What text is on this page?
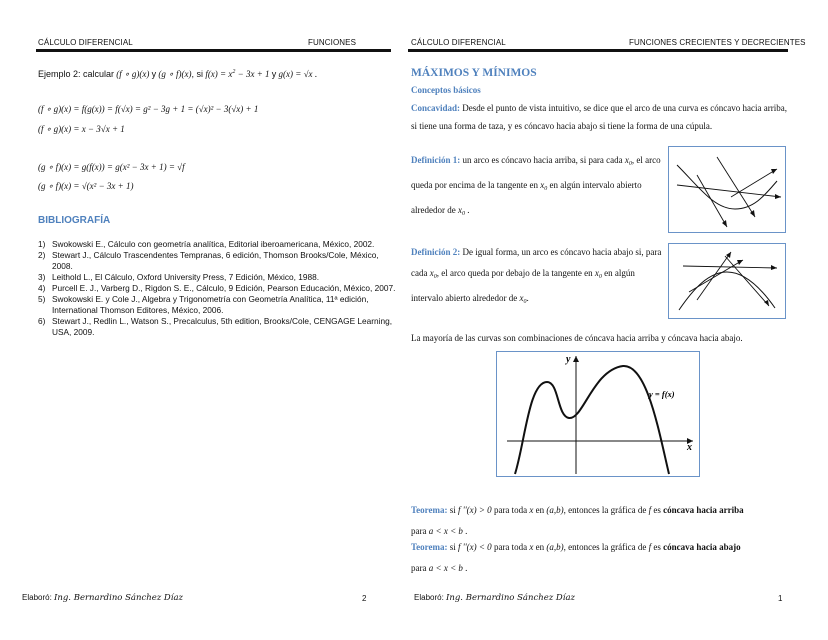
CÁLCULO DIFERENCIAL	FUNCIONES
Ejemplo 2: calcular (f ∘ g)(x) y (g ∘ f)(x), si $f(x) = x^2 - 3x + 1$ y g(x) = √x .
(f ∘ g)(x) = f(g(x)) = f(√x) = g² − 3g + 1 = (√x)² − 3(√x) + 1
(f ∘ g)(x) = x − 3√x + 1
(g ∘ f)(x) = g(f(x)) = g(x² − 3x + 1) = √f
(g ∘ f)(x) = √(x² − 3x + 1)
BIBLIOGRAFÍA
1) Swokowski E., Cálculo con geometría analítica, Editorial iberoamericana, México, 2002.
2) Stewart J., Cálculo Trascendentes Tempranas, 6 edición, Thomson Brooks/Cole, México, 2008.
3) Leithold L., El Cálculo, Oxford University Press, 7 Edición, México, 1988.
4) Purcell E. J., Varberg D., Rigdon S. E., Cálculo, 9 Edición, Pearson Educación, México, 2007.
5) Swokowski E. y Cole J., Algebra y Trigonometría con Geometría Analítica, 11ª edición, International Thomson Editores, México, 2006.
6) Stewart J., Redlin L., Watson S., Precalculus, 5th edition, Brooks/Cole, CENGAGE Learning, USA, 2009.
Elaboró: Ing. Bernardino Sánchez Díaz	2
CÁLCULO DIFERENCIAL	FUNCIONES CRECIENTES Y DECRECIENTES
MÁXIMOS Y MÍNIMOS
Conceptos básicos
Concavidad: Desde el punto de vista intuitivo, se dice que el arco de una curva es cóncavo hacia arriba, si tiene una forma de taza, y es cóncavo hacia abajo si tiene la forma de una cúpula.
Definición 1: un arco es cóncavo hacia arriba, si para cada $x_0$, el arco queda por encima de la tangente en $x_0$ en algún intervalo abierto alrededor de $x_0$ .
Definición 2: De igual forma, un arco es cóncavo hacia abajo si, para cada $x_0$, el arco queda por debajo de la tangente en $x_0$ en algún intervalo abierto alrededor de $x_0$.
La mayoría de las curvas son combinaciones de cóncava hacia arriba y cóncava hacia abajo.
y
x
y = f(x)
Teorema: si f ''(x) > 0 para toda x en (a,b), entonces la gráfica de f es cóncava hacia arriba
para a < x < b .
Teorema: si f ''(x) < 0 para toda x en (a,b), entonces la gráfica de f es cóncava hacia abajo
para a < x < b .
Elaboró: Ing. Bernardino Sánchez Díaz	1
